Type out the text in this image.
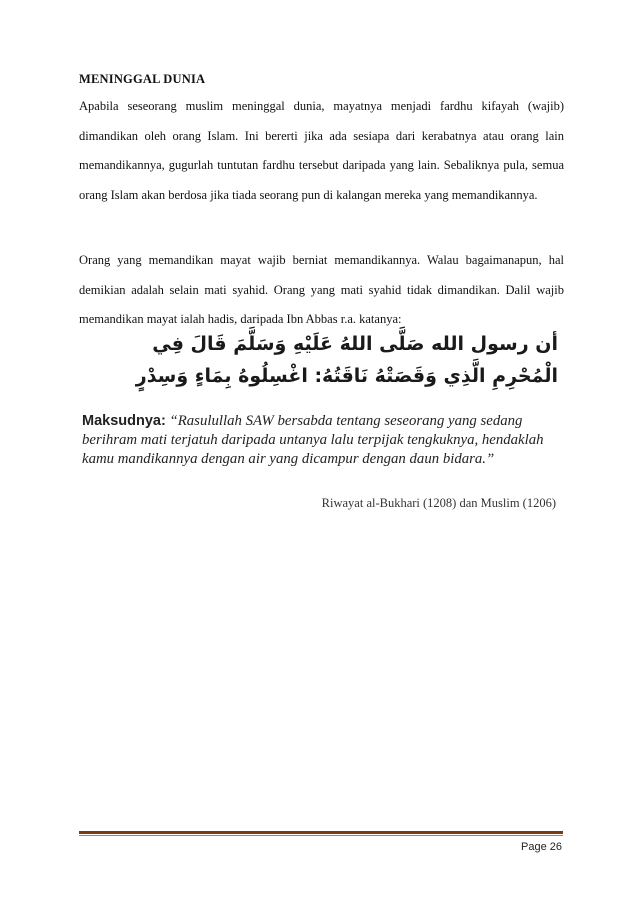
MENINGGAL DUNIA
Apabila seseorang muslim meninggal dunia, mayatnya menjadi fardhu kifayah (wajib) dimandikan oleh orang Islam. Ini bererti jika ada sesiapa dari kerabatnya atau orang lain memandikannya, gugurlah tuntutan fardhu tersebut daripada yang lain. Sebaliknya pula, semua orang Islam akan berdosa jika tiada seorang pun di kalangan mereka yang memandikannya.
Orang yang memandikan mayat wajib berniat memandikannya. Walau bagaimanapun, hal demikian adalah selain mati syahid. Orang yang mati syahid tidak dimandikan. Dalil wajib memandikan mayat ialah hadis, daripada Ibn Abbas r.a. katanya:
أن رسول الله صَلَّى اللهُ عَلَيْهِ وَسَلَّمَ قَالَ فِي الْمُحْرِمِ الَّذِي وَقَصَتْهُ نَاقَتُهُ: اغْسِلُوهُ بِمَاءٍ وَسِدْرٍ
Maksudnya: “Rasulullah SAW bersabda tentang seseorang yang sedang berihram mati terjatuh daripada untanya lalu terpijak tengkuknya, hendaklah kamu mandikannya dengan air yang dicampur dengan daun bidara.”
Riwayat al-Bukhari (1208) dan Muslim (1206)
Page 26
